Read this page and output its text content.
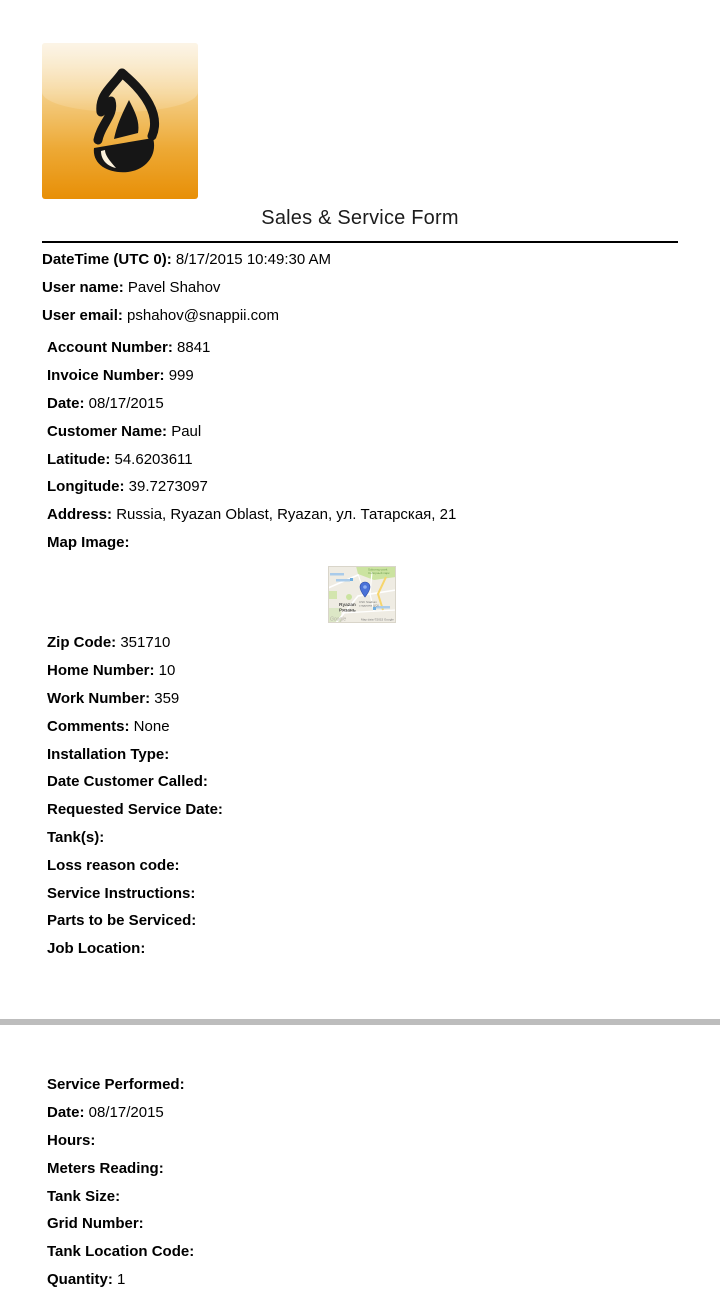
Sales & Service Form
DateTime (UTC 0): 8/17/2015 10:49:30 AM
User name: Pavel Shahov
User email: pshahov@snappii.com
Account Number: 8841
Invoice Number: 999
Date: 08/17/2015
Customer Name: Paul
Latitude: 54.6203611
Longitude: 39.7273097
Address: Russia, Ryazan Oblast, Ryazan, ул. Татарская, 21
Map Image:
Sobornyy park
Соборный парк
CSK Stadium
стадиона ЦСК
Ryazan
Рязань
Google	Map data ©2015 Google
Zip Code: 351710
Home Number: 10
Work Number: 359
Comments: None
Installation Type:
Date Customer Called:
Requested Service Date:
Tank(s):
Loss reason code:
Service Instructions:
Parts to be Serviced:
Job Location:
Service Performed:
Date: 08/17/2015
Hours:
Meters Reading:
Tank Size:
Grid Number:
Tank Location Code:
Quantity: 1
